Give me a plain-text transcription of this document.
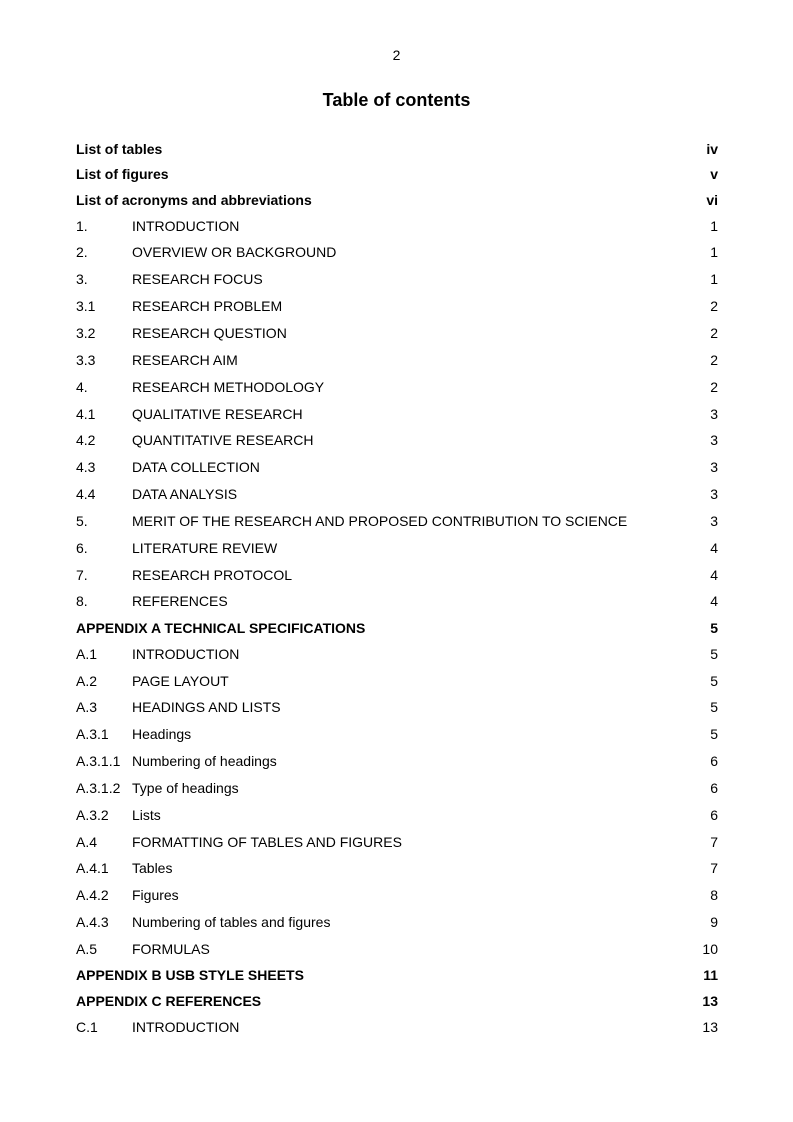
2
Table of contents
List of tables	iv
List of figures	v
List of acronyms and abbreviations	vi
1.	INTRODUCTION	1
2.	OVERVIEW OR BACKGROUND	1
3.	RESEARCH FOCUS	1
3.1	RESEARCH PROBLEM	2
3.2	RESEARCH QUESTION	2
3.3	RESEARCH AIM	2
4.	RESEARCH METHODOLOGY	2
4.1	QUALITATIVE RESEARCH	3
4.2	QUANTITATIVE RESEARCH	3
4.3	DATA COLLECTION	3
4.4	DATA ANALYSIS	3
5.	MERIT OF THE RESEARCH AND PROPOSED CONTRIBUTION TO SCIENCE	3
6.	LITERATURE REVIEW	4
7.	RESEARCH PROTOCOL	4
8.	REFERENCES	4
APPENDIX A TECHNICAL SPECIFICATIONS	5
A.1 INTRODUCTION	5
A.2 PAGE LAYOUT	5
A.3 HEADINGS AND LISTS	5
A.3.1 Headings	5
A.3.1.1 Numbering of headings	6
A.3.1.2 Type of headings	6
A.3.2 Lists	6
A.4 FORMATTING OF TABLES AND FIGURES	7
A.4.1 Tables	7
A.4.2 Figures	8
A.4.3 Numbering of tables and figures	9
A.5 FORMULAS	10
APPENDIX B USB STYLE SHEETS	11
APPENDIX C REFERENCES	13
C.1 INTRODUCTION	13
